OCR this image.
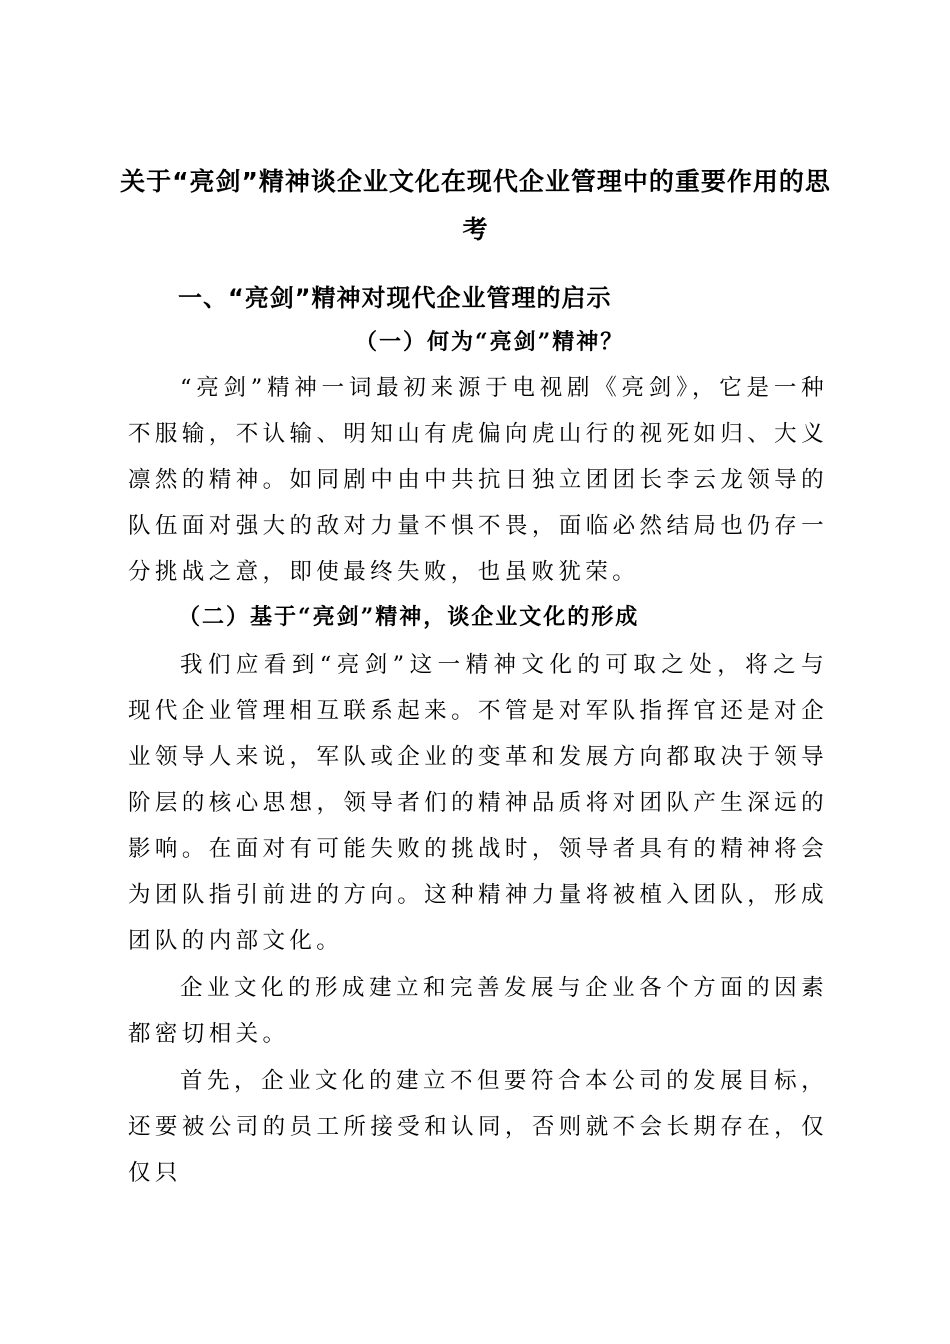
关于“亮剑”精神谈企业文化在现代企业管理中的重要作用的思考
一、“亮剑”精神对现代企业管理的启示
（一）何为“亮剑”精神？

“亮剑”精神一词最初来源于电视剧《亮剑》，它是一种不服输，不认输、明知山有虎偏向虎山行的视死如归、大义凛然的精神。如同剧中由中共抗日独立团团长李云龙领导的队伍面对强大的敌对力量不惧不畏，面临必然结局也仍存一分挑战之意，即使最终失败，也虽败犹荣。

（二）基于“亮剑”精神，谈企业文化的形成

我们应看到“亮剑”这一精神文化的可取之处，将之与现代企业管理相互联系起来。不管是对军队指挥官还是对企业领导人来说，军队或企业的变革和发展方向都取决于领导阶层的核心思想，领导者们的精神品质将对团队产生深远的影响。在面对有可能失败的挑战时，领导者具有的精神将会为团队指引前进的方向。这种精神力量将被植入团队，形成团队的内部文化。

企业文化的形成建立和完善发展与企业各个方面的因素都密切相关。

首先，企业文化的建立不但要符合本公司的发展目标，还要被公司的员工所接受和认同，否则就不会长期存在，仅仅只
